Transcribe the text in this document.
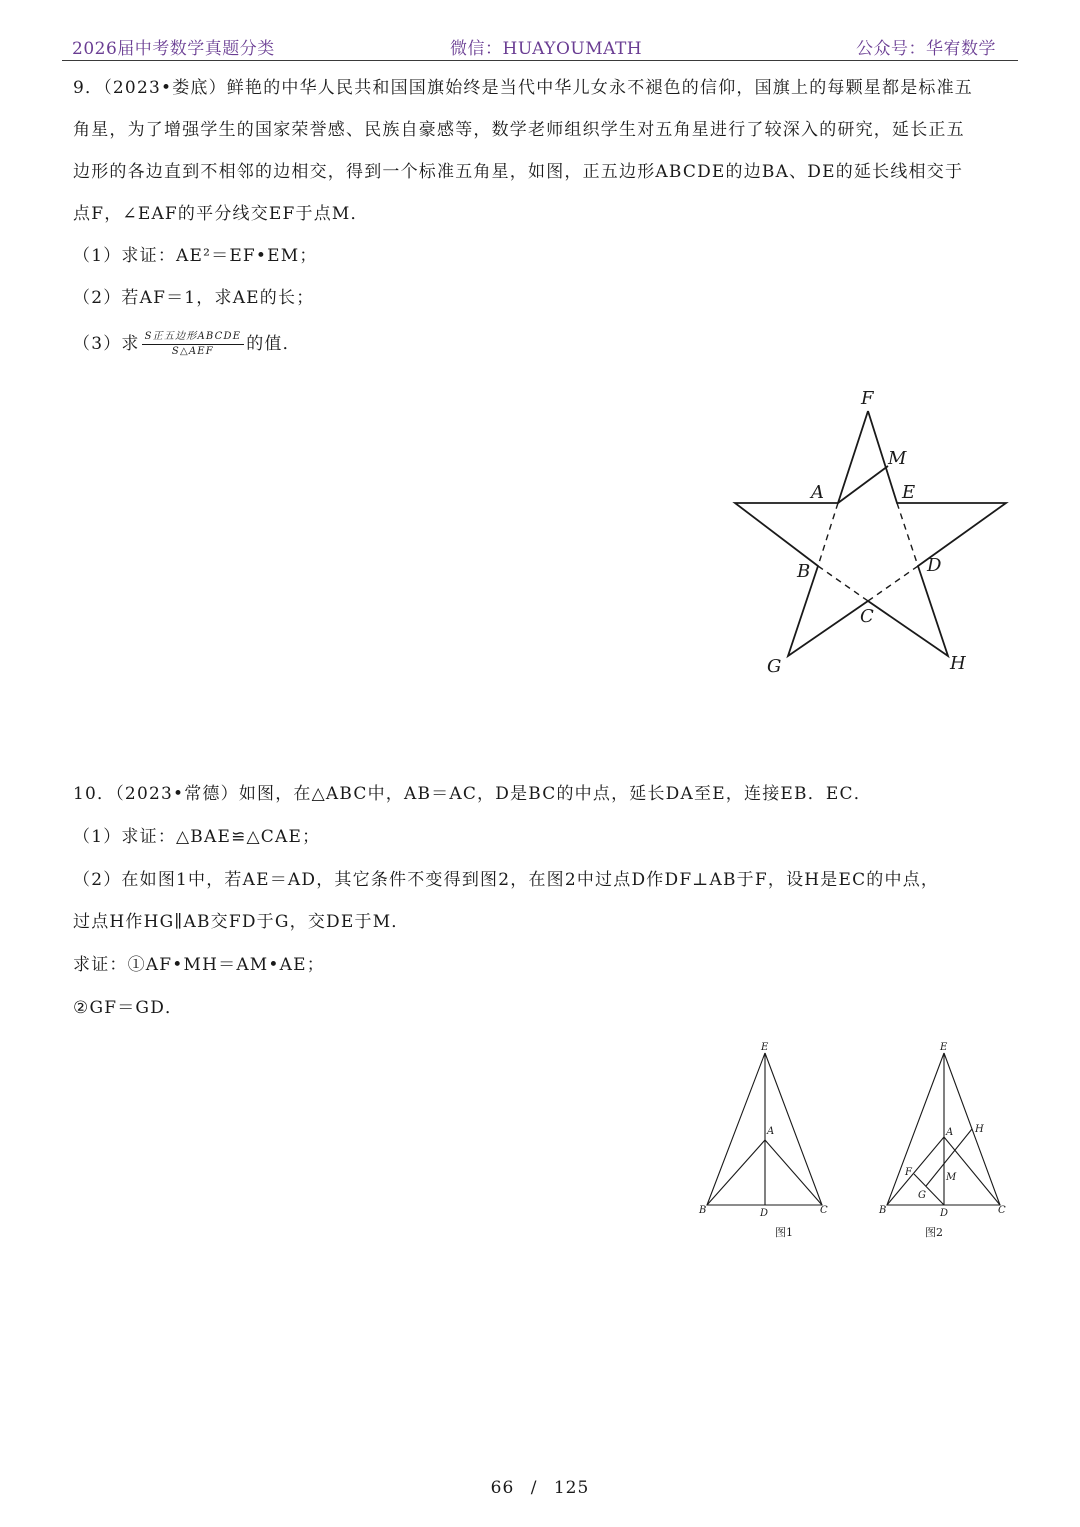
2026届中考数学真题分类	微信：HUAYOUMATH	公众号：华宥数学
9．（2023•娄底）鲜艳的中华人民共和国国旗始终是当代中华儿女永不褪色的信仰，国旗上的每颗星都是标准五
角星，为了增强学生的国家荣誉感、民族自豪感等，数学老师组织学生对五角星进行了较深入的研究，延长正五
边形的各边直到不相邻的边相交，得到一个标准五角星，如图，正五边形ABCDE的边BA、DE的延长线相交于
点F，∠EAF的平分线交EF于点M．
（1）求证：AE²＝EF•EM；
（2）若AF＝1，求AE的长；
（3）求 $\frac{\text{S正五边形ABCDE}}{\text{S△AEF}}$ 的值．
F
M
A	E
B	D
C
G	H
10．（2023•常德）如图，在△ABC中，AB＝AC，D是BC的中点，延长DA至E，连接EB．EC．
（1）求证：△BAE≌△CAE；
（2）在如图1中，若AE＝AD，其它条件不变得到图2，在图2中过点D作DF⊥AB于F，设H是EC的中点，
过点H作HG∥AB交FD于G，交DE于M．
求证：①AF•MH＝AM•AE；
②GF＝GD．
E
A
B	D	C
E
A H
F	M
G
B	D	C
图1	图2
66 / 125
